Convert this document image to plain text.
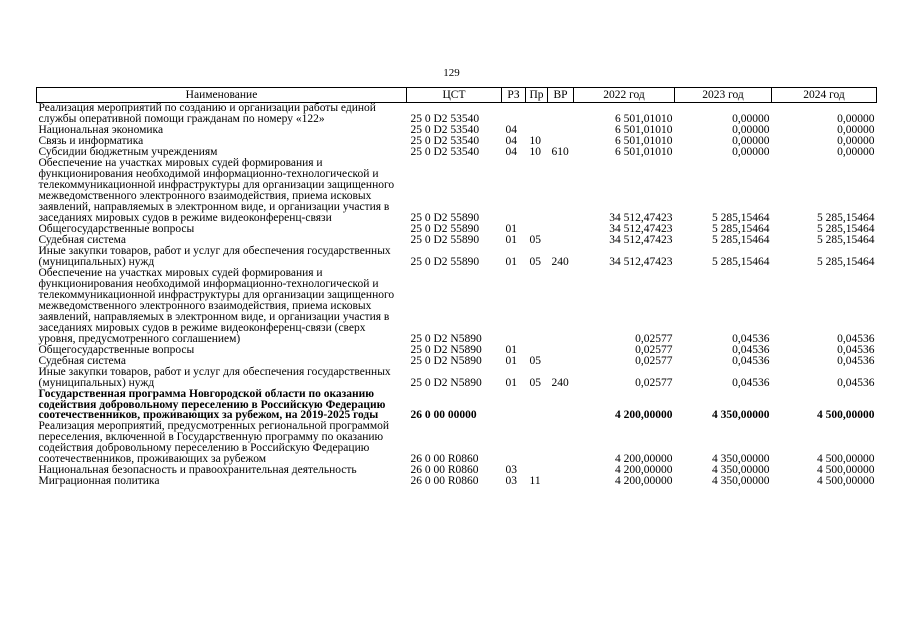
129
Наименование	ЦСТ	РЗ	Пр	ВР	2022 год	2023 год	2024 год
Реализация мероприятий по созданию и организации работы единой службы оперативной помощи гражданам по номеру «122»	25 0 D2 53540				6 501,01010	0,00000	0,00000
Национальная экономика	25 0 D2 53540	04			6 501,01010	0,00000	0,00000
Связь и информатика	25 0 D2 53540	04	10		6 501,01010	0,00000	0,00000
Субсидии бюджетным учреждениям	25 0 D2 53540	04	10	610	6 501,01010	0,00000	0,00000
Обеспечение на участках мировых судей формирования и функционирования необходимой информационно-технологической и телекоммуникационной инфраструктуры для организации защищенного межведомственного электронного взаимодействия, приема исковых заявлений, направляемых в электронном виде, и организации участия в заседаниях мировых судов в режиме видеоконференц-связи	25 0 D2 55890				34 512,47423	5 285,15464	5 285,15464
Общегосударственные вопросы	25 0 D2 55890	01			34 512,47423	5 285,15464	5 285,15464
Судебная система	25 0 D2 55890	01	05		34 512,47423	5 285,15464	5 285,15464
Иные закупки товаров, работ и услуг для обеспечения государственных (муниципальных) нужд	25 0 D2 55890	01	05	240	34 512,47423	5 285,15464	5 285,15464
Обеспечение на участках мировых судей формирования и функционирования необходимой информационно-технологической и телекоммуникационной инфраструктуры для организации защищенного межведомственного электронного взаимодействия, приема исковых заявлений, направляемых в электронном виде, и организации участия в заседаниях мировых судов в режиме видеоконференц-связи (сверх уровня, предусмотренного соглашением)	25 0 D2 N5890				0,02577	0,04536	0,04536
Общегосударственные вопросы	25 0 D2 N5890	01			0,02577	0,04536	0,04536
Судебная система	25 0 D2 N5890	01	05		0,02577	0,04536	0,04536
Иные закупки товаров, работ и услуг для обеспечения государственных (муниципальных) нужд	25 0 D2 N5890	01	05	240	0,02577	0,04536	0,04536
Государственная программа Новгородской области по оказанию содействия добровольному переселению в Российскую Федерацию соотечественников, проживающих за рубежом, на 2019-2025 годы	26 0 00 00000				4 200,00000	4 350,00000	4 500,00000
Реализация мероприятий, предусмотренных региональной программой переселения, включенной в Государственную программу по оказанию содействия добровольному переселению в Российскую Федерацию соотечественников, проживающих за рубежом	26 0 00 R0860				4 200,00000	4 350,00000	4 500,00000
Национальная безопасность и правоохранительная деятельность	26 0 00 R0860	03			4 200,00000	4 350,00000	4 500,00000
Миграционная политика	26 0 00 R0860	03	11		4 200,00000	4 350,00000	4 500,00000
